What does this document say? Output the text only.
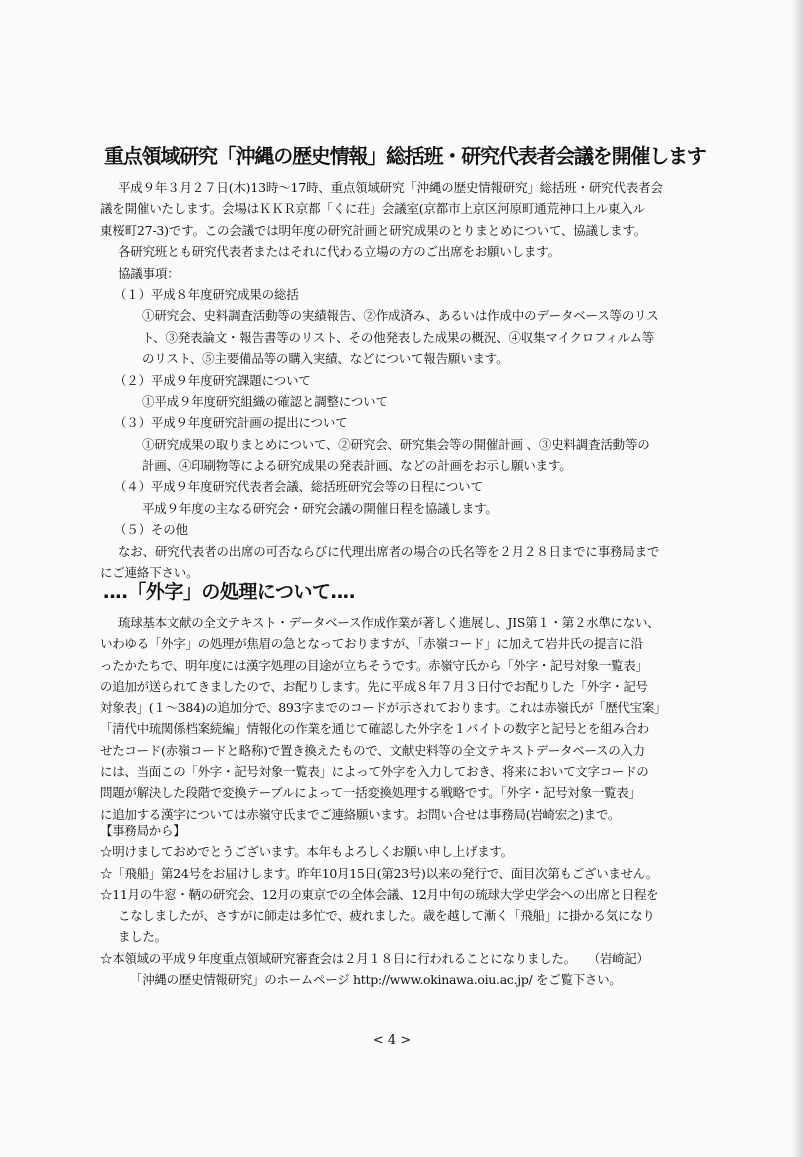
重点領域研究「沖縄の歴史情報」総括班・研究代表者会議を開催します
平成９年３月２７日(木)13時〜17時、重点領域研究「沖縄の歴史情報研究」総括班・研究代表者会
議を開催いたします。会場はＫＫＲ京都「くに荘」会議室(京都市上京区河原町通荒神口上ル東入ル
東桜町27-3)です。この会議では明年度の研究計画と研究成果のとりまとめについて、協議します。
各研究班とも研究代表者またはそれに代わる立場の方のご出席をお願いします。
協議事項：
（１）平成８年度研究成果の総括
①研究会、史料調査活動等の実績報告、②作成済み、あるいは作成中のデータベース等のリス
ト、③発表論文・報告書等のリスト、その他発表した成果の概況、④収集マイクロフィルム等
のリスト、⑤主要備品等の購入実績、などについて報告願います。
（２）平成９年度研究課題について
①平成９年度研究組織の確認と調整について
（３）平成９年度研究計画の提出について
①研究成果の取りまとめについて、②研究会、研究集会等の開催計画 、③史料調査活動等の
計画、④印刷物等による研究成果の発表計画、などの計画をお示し願います。
（４）平成９年度研究代表者会議、総括班研究会等の日程について
平成９年度の主なる研究会・研究会議の開催日程を協議します。
（５）その他
なお、研究代表者の出席の可否ならびに代理出席者の場合の氏名等を２月２８日までに事務局まで
にご連絡下さい。
‥‥「外字」の処理について‥‥
琉球基本文献の全文テキスト・データベース作成作業が著しく進展し、JIS第１・第２水準にない、
いわゆる「外字」の処理が焦眉の急となっておりますが、「赤嶺コード」に加えて岩井氏の提言に沿
ったかたちで、明年度には漢字処理の目途が立ちそうです。赤嶺守氏から「外字・記号対象一覧表」
の追加が送られてきましたので、お配りします。先に平成８年７月３日付でお配りした「外字・記号
対象表」(１〜384)の追加分で、893字までのコードが示されております。これは赤嶺氏が「歴代宝案」
「清代中琉関係档案続編」情報化の作業を通じて確認した外字を１バイトの数字と記号とを組み合わ
せたコード(赤嶺コードと略称)で置き換えたもので、文献史料等の全文テキストデータベースの入力
には、当面この「外字・記号対象一覧表」によって外字を入力しておき、将来において文字コードの
問題が解決した段階で変換テーブルによって一括変換処理する戦略です。「外字・記号対象一覧表」
に追加する漢字については赤嶺守氏までご連絡願います。お問い合せは事務局(岩崎宏之)まで。
【事務局から】
☆明けましておめでとうございます。本年もよろしくお願い申し上げます。
☆「飛船」第24号をお届けします。昨年10月15日(第23号)以来の発行で、面目次第もございません。
☆11月の牛窓・鞆の研究会、12月の東京での全体会議、12月中旬の琉球大学史学会への出席と日程を
こなしましたが、さすがに師走は多忙で、疲れました。歳を越して漸く「飛船」に掛かる気になり
ました。
☆本領域の平成９年度重点領域研究審査会は２月１８日に行われることになりました。　　（岩崎記）
「沖縄の歴史情報研究」のホームページ http://www.okinawa.oiu.ac.jp/ をご覧下さい。
< 4 >
